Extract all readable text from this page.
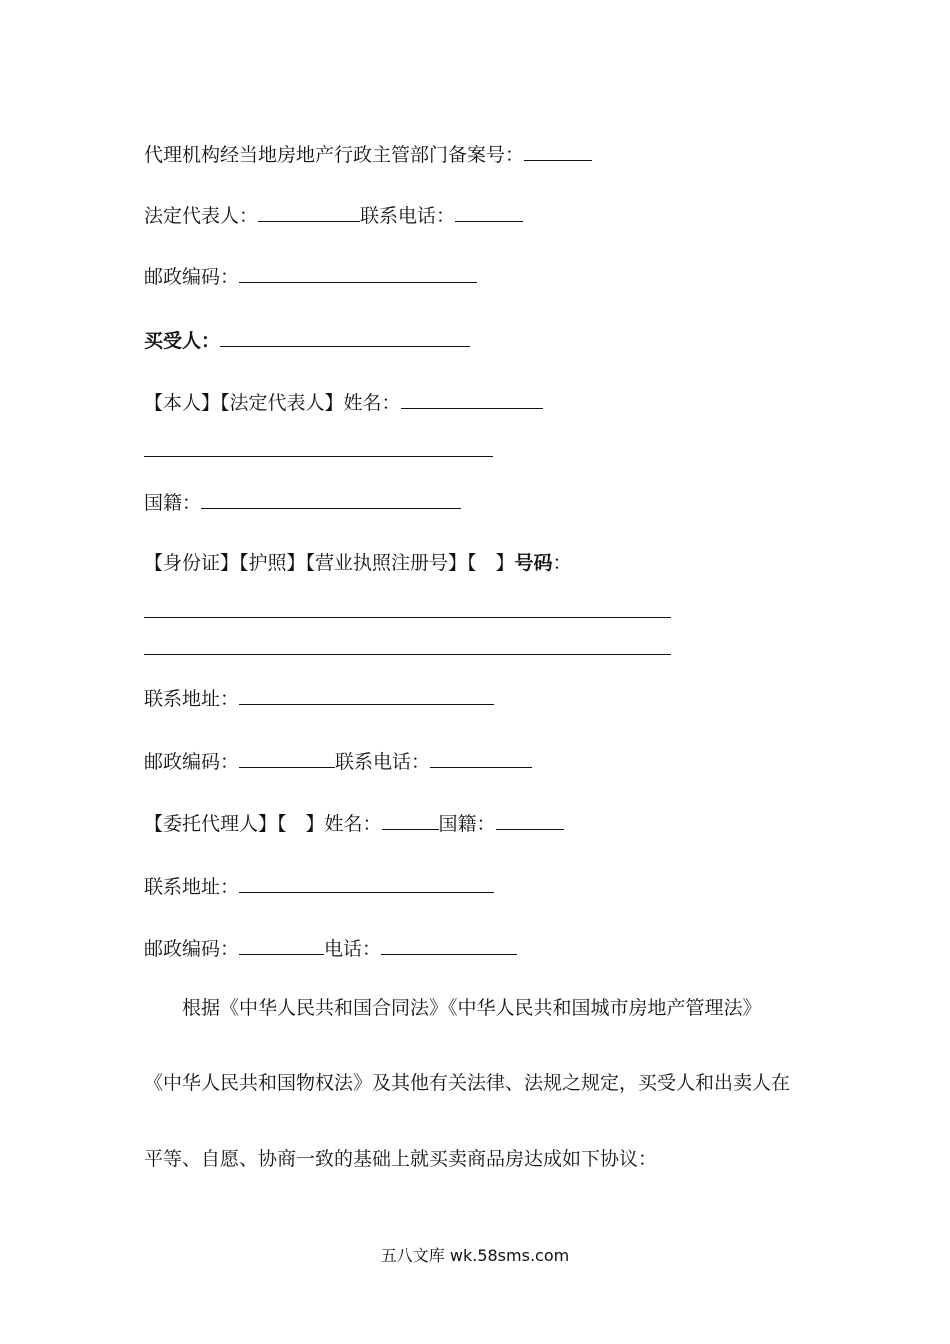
代理机构经当地房地产行政主管部门备案号：
法定代表人：	联系电话：
邮政编码：
买受人：
【本人】【法定代表人】姓名：
国籍：
【身份证】【护照】【营业执照注册号】【 】号码：
联系地址：
邮政编码：	联系电话：
【委托代理人】【 】姓名：	国籍：
联系地址：
邮政编码：	电话：
根据《中华人民共和国合同法》《中华人民共和国城市房地产管理法》
《中华人民共和国物权法》及其他有关法律、法规之规定，买受人和出卖人在
平等、自愿、协商一致的基础上就买卖商品房达成如下协议：
五八文库 wk.58sms.com
